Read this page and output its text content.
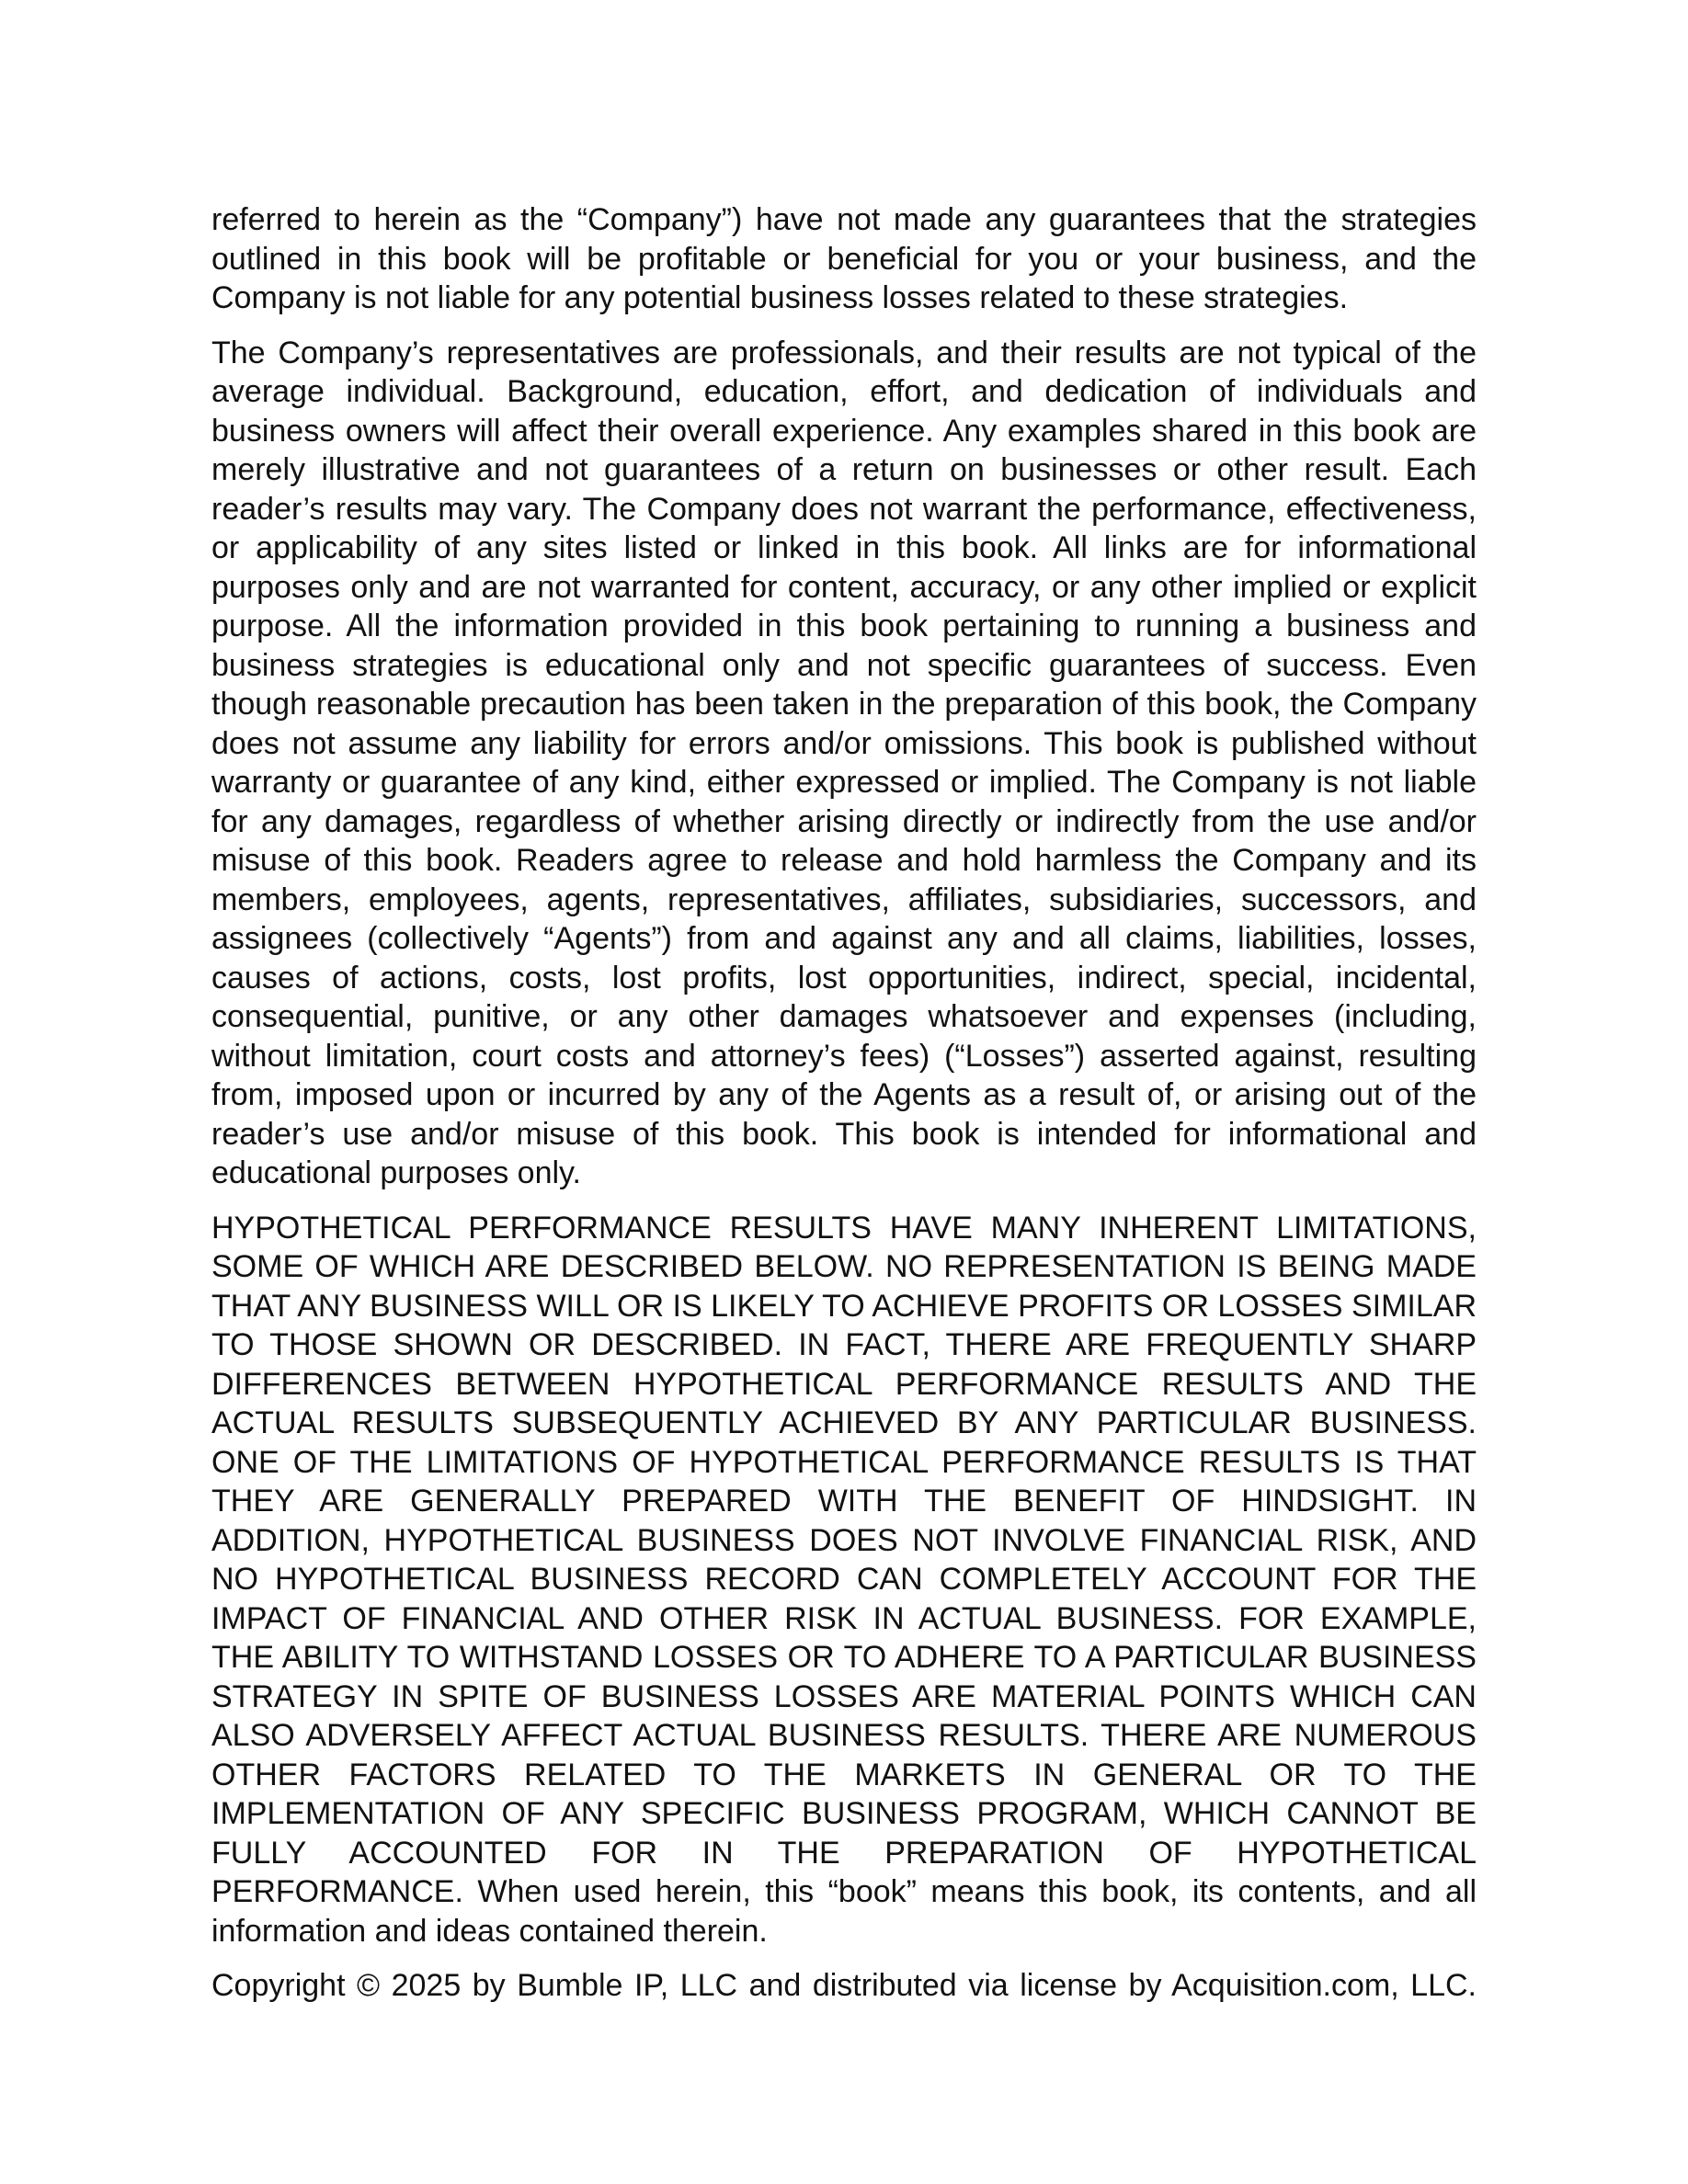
referred to herein as the “Company”) have not made any guarantees that the strategies outlined in this book will be profitable or beneficial for you or your business, and the Company is not liable for any potential business losses related to these strategies.

The Company’s representatives are professionals, and their results are not typical of the average individual. Background, education, effort, and dedication of individuals and business owners will affect their overall experience. Any examples shared in this book are merely illustrative and not guarantees of a return on businesses or other result. Each reader’s results may vary. The Company does not warrant the performance, effectiveness, or applicability of any sites listed or linked in this book. All links are for informational purposes only and are not warranted for content, accuracy, or any other implied or explicit purpose. All the information provided in this book pertaining to running a business and business strategies is educational only and not specific guarantees of success. Even though reasonable precaution has been taken in the preparation of this book, the Company does not assume any liability for errors and/or omissions. This book is published without warranty or guarantee of any kind, either expressed or implied. The Company is not liable for any damages, regardless of whether arising directly or indirectly from the use and/or misuse of this book. Readers agree to release and hold harmless the Company and its members, employees, agents, representatives, affiliates, subsidiaries, successors, and assignees (collectively “Agents”) from and against any and all claims, liabilities, losses, causes of actions, costs, lost profits, lost opportunities, indirect, special, incidental, consequential, punitive, or any other damages whatsoever and expenses (including, without limitation, court costs and attorney’s fees) (“Losses”) asserted against, resulting from, imposed upon or incurred by any of the Agents as a result of, or arising out of the reader’s use and/or misuse of this book. This book is intended for informational and educational purposes only.

HYPOTHETICAL PERFORMANCE RESULTS HAVE MANY INHERENT LIMITATIONS, SOME OF WHICH ARE DESCRIBED BELOW. NO REPRESENTATION IS BEING MADE THAT ANY BUSINESS WILL OR IS LIKELY TO ACHIEVE PROFITS OR LOSSES SIMILAR TO THOSE SHOWN OR DESCRIBED. IN FACT, THERE ARE FREQUENTLY SHARP DIFFERENCES BETWEEN HYPOTHETICAL PERFORMANCE RESULTS AND THE ACTUAL RESULTS SUBSEQUENTLY ACHIEVED BY ANY PARTICULAR BUSINESS. ONE OF THE LIMITATIONS OF HYPOTHETICAL PERFORMANCE RESULTS IS THAT THEY ARE GENERALLY PREPARED WITH THE BENEFIT OF HINDSIGHT. IN ADDITION, HYPOTHETICAL BUSINESS DOES NOT INVOLVE FINANCIAL RISK, AND NO HYPOTHETICAL BUSINESS RECORD CAN COMPLETELY ACCOUNT FOR THE IMPACT OF FINANCIAL AND OTHER RISK IN ACTUAL BUSINESS. FOR EXAMPLE, THE ABILITY TO WITHSTAND LOSSES OR TO ADHERE TO A PARTICULAR BUSINESS STRATEGY IN SPITE OF BUSINESS LOSSES ARE MATERIAL POINTS WHICH CAN ALSO ADVERSELY AFFECT ACTUAL BUSINESS RESULTS. THERE ARE NUMEROUS OTHER FACTORS RELATED TO THE MARKETS IN GENERAL OR TO THE IMPLEMENTATION OF ANY SPECIFIC BUSINESS PROGRAM, WHICH CANNOT BE FULLY ACCOUNTED FOR IN THE PREPARATION OF HYPOTHETICAL PERFORMANCE. When used herein, this “book” means this book, its contents, and all information and ideas contained therein.

Copyright © 2025 by Bumble IP, LLC and distributed via license by Acquisition.com, LLC.
